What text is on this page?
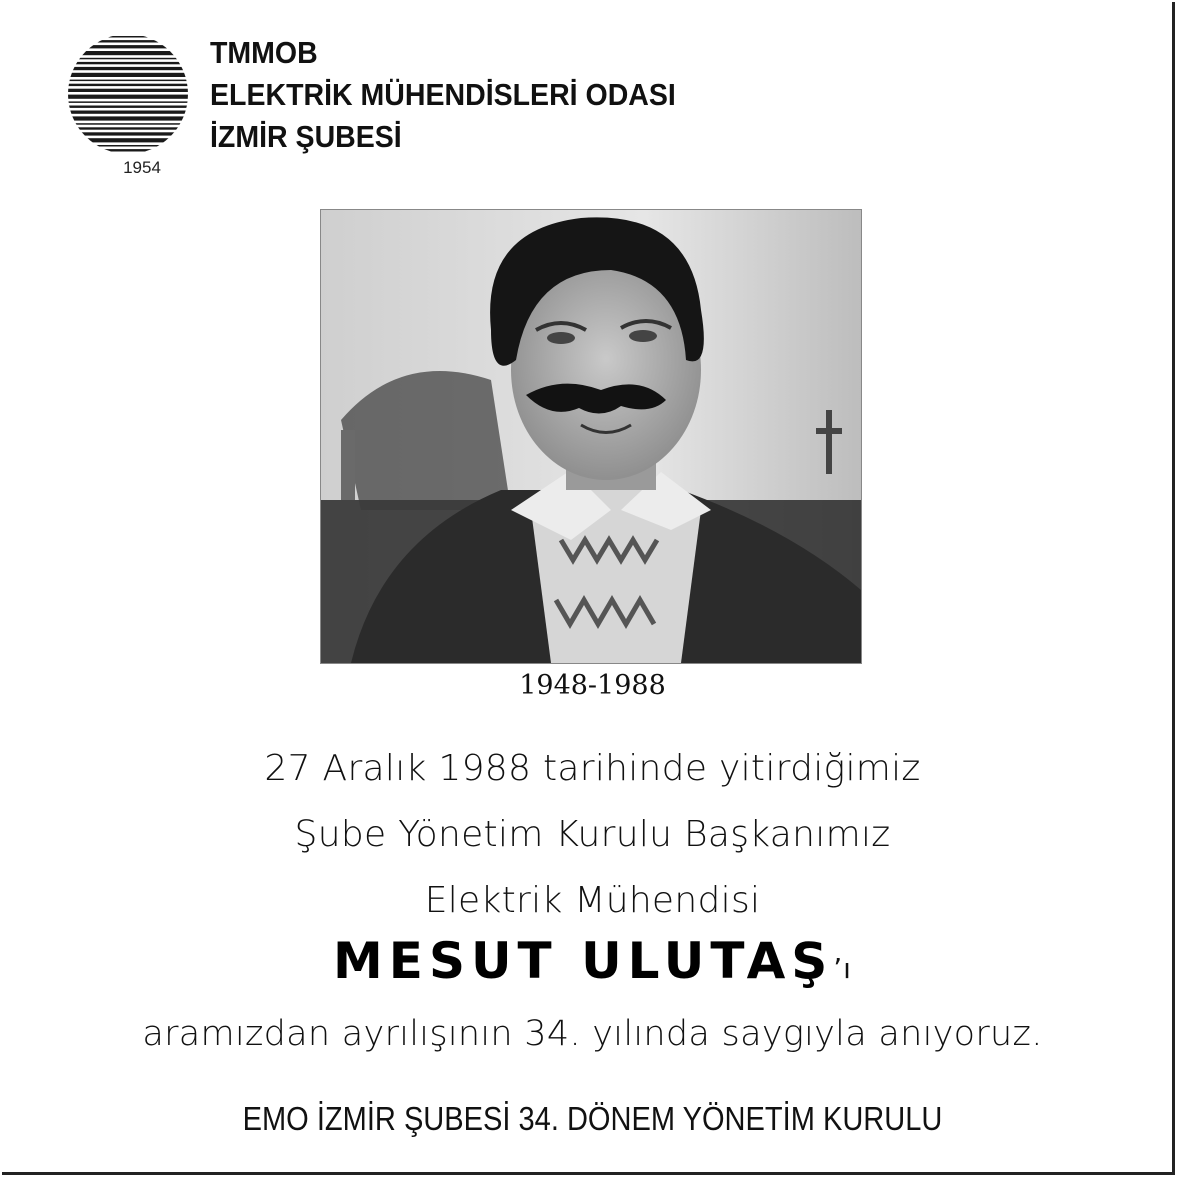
1954
TMMOB
ELEKTRİK MÜHENDİSLERİ ODASI
İZMİR ŞUBESİ
1948-1988
27 Aralık 1988 tarihinde yitirdiğimiz
Şube Yönetim Kurulu Başkanımız
Elektrik Mühendisi
MESUT ULUTAŞ’ı
aramızdan ayrılışının 34. yılında saygıyla anıyoruz.
EMO İZMİR ŞUBESİ 34. DÖNEM YÖNETİM KURULU
